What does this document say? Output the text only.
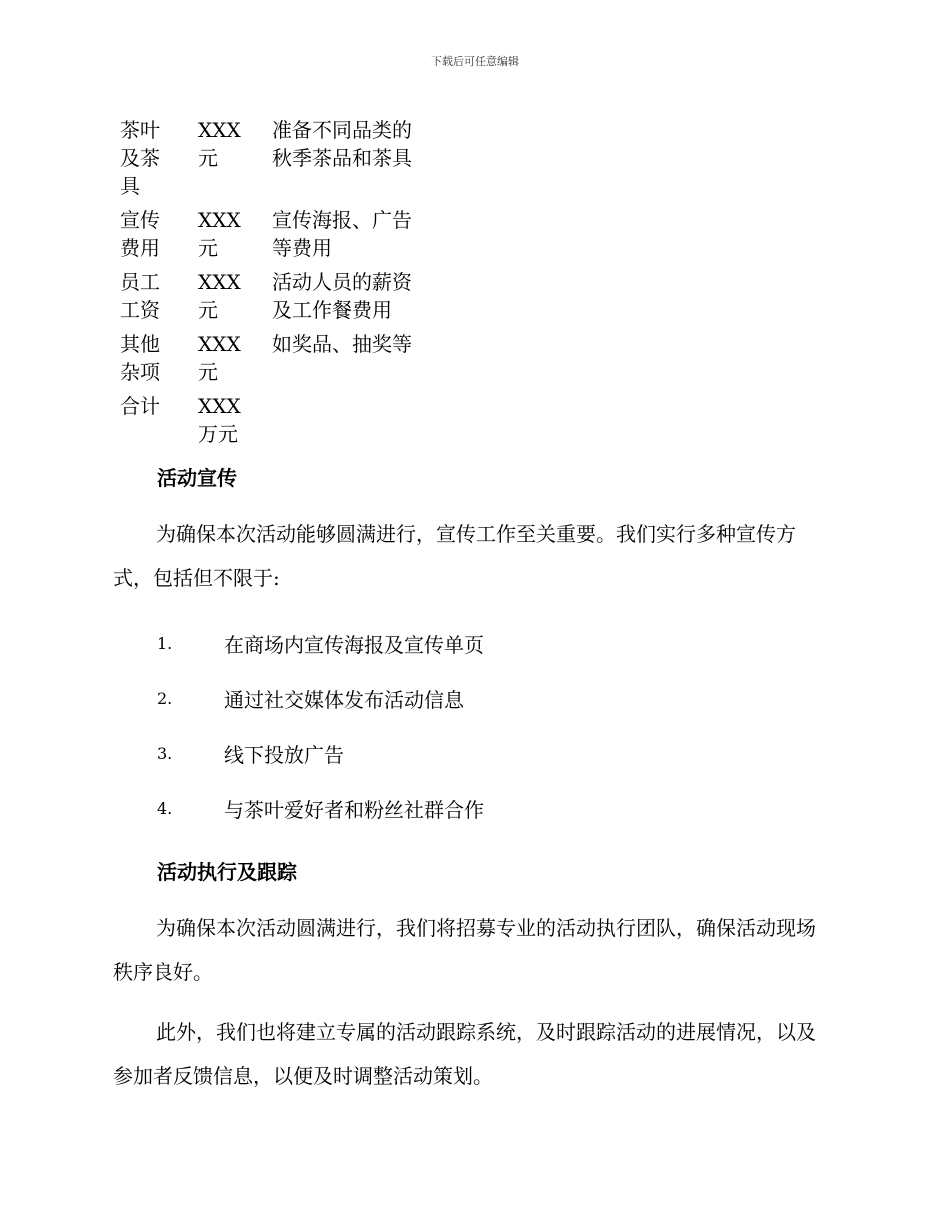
下载后可任意编辑
茶叶及茶具	XXX元	准备不同品类的秋季茶品和茶具
宣传费用	XXX元	宣传海报、广告等费用
员工工资	XXX元	活动人员的薪资及工作餐费用
其他杂项	XXX元	如奖品、抽奖等
合计	XXX万元	
活动宣传

为确保本次活动能够圆满进行，宣传工作至关重要。我们实行多种宣传方式，包括但不限于:

1.	在商场内宣传海报及宣传单页
2.	通过社交媒体发布活动信息
3.	线下投放广告
4.	与茶叶爱好者和粉丝社群合作
活动执行及跟踪

为确保本次活动圆满进行，我们将招募专业的活动执行团队，确保活动现场秩序良好。

此外，我们也将建立专属的活动跟踪系统，及时跟踪活动的进展情况，以及参加者反馈信息，以便及时调整活动策划。
